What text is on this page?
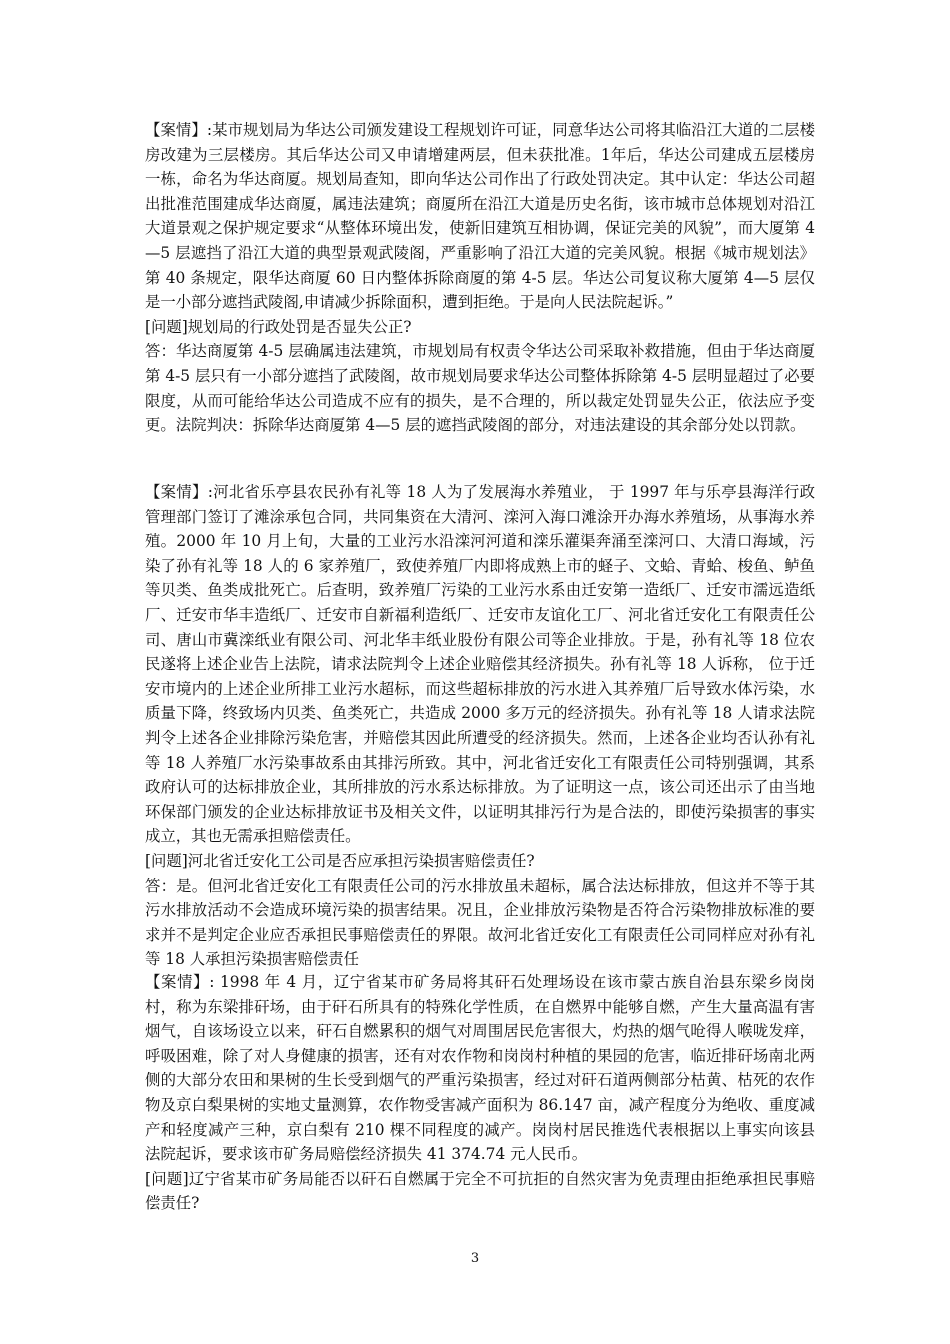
【案情】:某市规划局为华达公司颁发建设工程规划许可证，同意华达公司将其临沿江大道的二层楼房改建为三层楼房。其后华达公司又申请增建两层，但未获批准。1年后，华达公司建成五层楼房一栋，命名为华达商厦。规划局查知，即向华达公司作出了行政处罚决定。其中认定：华达公司超出批准范围建成华达商厦，属违法建筑；商厦所在沿江大道是历史名街，该市城市总体规划对沿江大道景观之保护规定要求“从整体环境出发，使新旧建筑互相协调，保证完美的风貌”，而大厦第 4—5 层遮挡了沿江大道的典型景观武陵阁，严重影响了沿江大道的完美风貌。根据《城市规划法》第 40 条规定，限华达商厦 60 日内整体拆除商厦的第 4-5 层。华达公司复议称大厦第 4—5 层仅是一小部分遮挡武陵阁,申请减少拆除面积，遭到拒绝。于是向人民法院起诉。”

[问题]规划局的行政处罚是否显失公正?

答：华达商厦第 4-5 层确属违法建筑，市规划局有权责令华达公司采取补救措施，但由于华达商厦第 4-5 层只有一小部分遮挡了武陵阁，故市规划局要求华达公司整体拆除第 4-5 层明显超过了必要限度，从而可能给华达公司造成不应有的损失，是不合理的，所以裁定处罚显失公正，依法应予变更。法院判决：拆除华达商厦第 4—5 层的遮挡武陵阁的部分，对违法建设的其余部分处以罚款。

【案情】:河北省乐亭县农民孙有礼等 18 人为了发展海水养殖业， 于 1997 年与乐亭县海洋行政管理部门签订了滩涂承包合同，共同集资在大清河、滦河入海口滩涂开办海水养殖场，从事海水养殖。2000 年 10 月上旬，大量的工业污水沿滦河河道和滦乐灌渠奔涌至滦河口、大清口海域，污染了孙有礼等 18 人的 6 家养殖厂，致使养殖厂内即将成熟上市的蛏子、文蛤、青蛤、梭鱼、鲈鱼等贝类、鱼类成批死亡。后查明，致养殖厂污染的工业污水系由迁安第一造纸厂、迁安市濡远造纸厂、迁安市华丰造纸厂、迁安市自新福利造纸厂、迁安市友谊化工厂、河北省迁安化工有限责任公司、唐山市冀滦纸业有限公司、河北华丰纸业股份有限公司等企业排放。于是，孙有礼等 18 位农民遂将上述企业告上法院，请求法院判令上述企业赔偿其经济损失。孙有礼等 18 人诉称， 位于迁安市境内的上述企业所排工业污水超标，而这些超标排放的污水进入其养殖厂后导致水体污染，水质量下降，终致场内贝类、鱼类死亡，共造成 2000 多万元的经济损失。孙有礼等 18 人请求法院判令上述各企业排除污染危害，并赔偿其因此所遭受的经济损失。然而，上述各企业均否认孙有礼等 18 人养殖厂水污染事故系由其排污所致。其中，河北省迁安化工有限责任公司特别强调，其系政府认可的达标排放企业，其所排放的污水系达标排放。为了证明这一点，该公司还出示了由当地环保部门颁发的企业达标排放证书及相关文件，以证明其排污行为是合法的，即使污染损害的事实成立，其也无需承担赔偿责任。

[问题]河北省迁安化工公司是否应承担污染损害赔偿责任?

答：是。但河北省迁安化工有限责任公司的污水排放虽未超标，属合法达标排放，但这并不等于其污水排放活动不会造成环境污染的损害结果。况且，企业排放污染物是否符合污染物排放标准的要求并不是判定企业应否承担民事赔偿责任的界限。故河北省迁安化工有限责任公司同样应对孙有礼等 18 人承担污染损害赔偿责任

【案情】: 1998 年 4 月，辽宁省某市矿务局将其矸石处理场设在该市蒙古族自治县东梁乡岗岗村，称为东梁排矸场，由于矸石所具有的特殊化学性质，在自燃界中能够自燃，产生大量高温有害烟气，自该场设立以来，矸石自燃累积的烟气对周围居民危害很大，灼热的烟气呛得人喉咙发痒，呼吸困难，除了对人身健康的损害，还有对农作物和岗岗村种植的果园的危害，临近排矸场南北两侧的大部分农田和果树的生长受到烟气的严重污染损害，经过对矸石道两侧部分枯黄、枯死的农作物及京白梨果树的实地丈量测算，农作物受害减产面积为 86.147 亩，减产程度分为绝收、重度减产和轻度减产三种，京白梨有 210 棵不同程度的减产。岗岗村居民推选代表根据以上事实向该县法院起诉，要求该市矿务局赔偿经济损失 41 374.74 元人民币。

[问题]辽宁省某市矿务局能否以矸石自燃属于完全不可抗拒的自然灾害为免责理由拒绝承担民事赔偿责任?

3
